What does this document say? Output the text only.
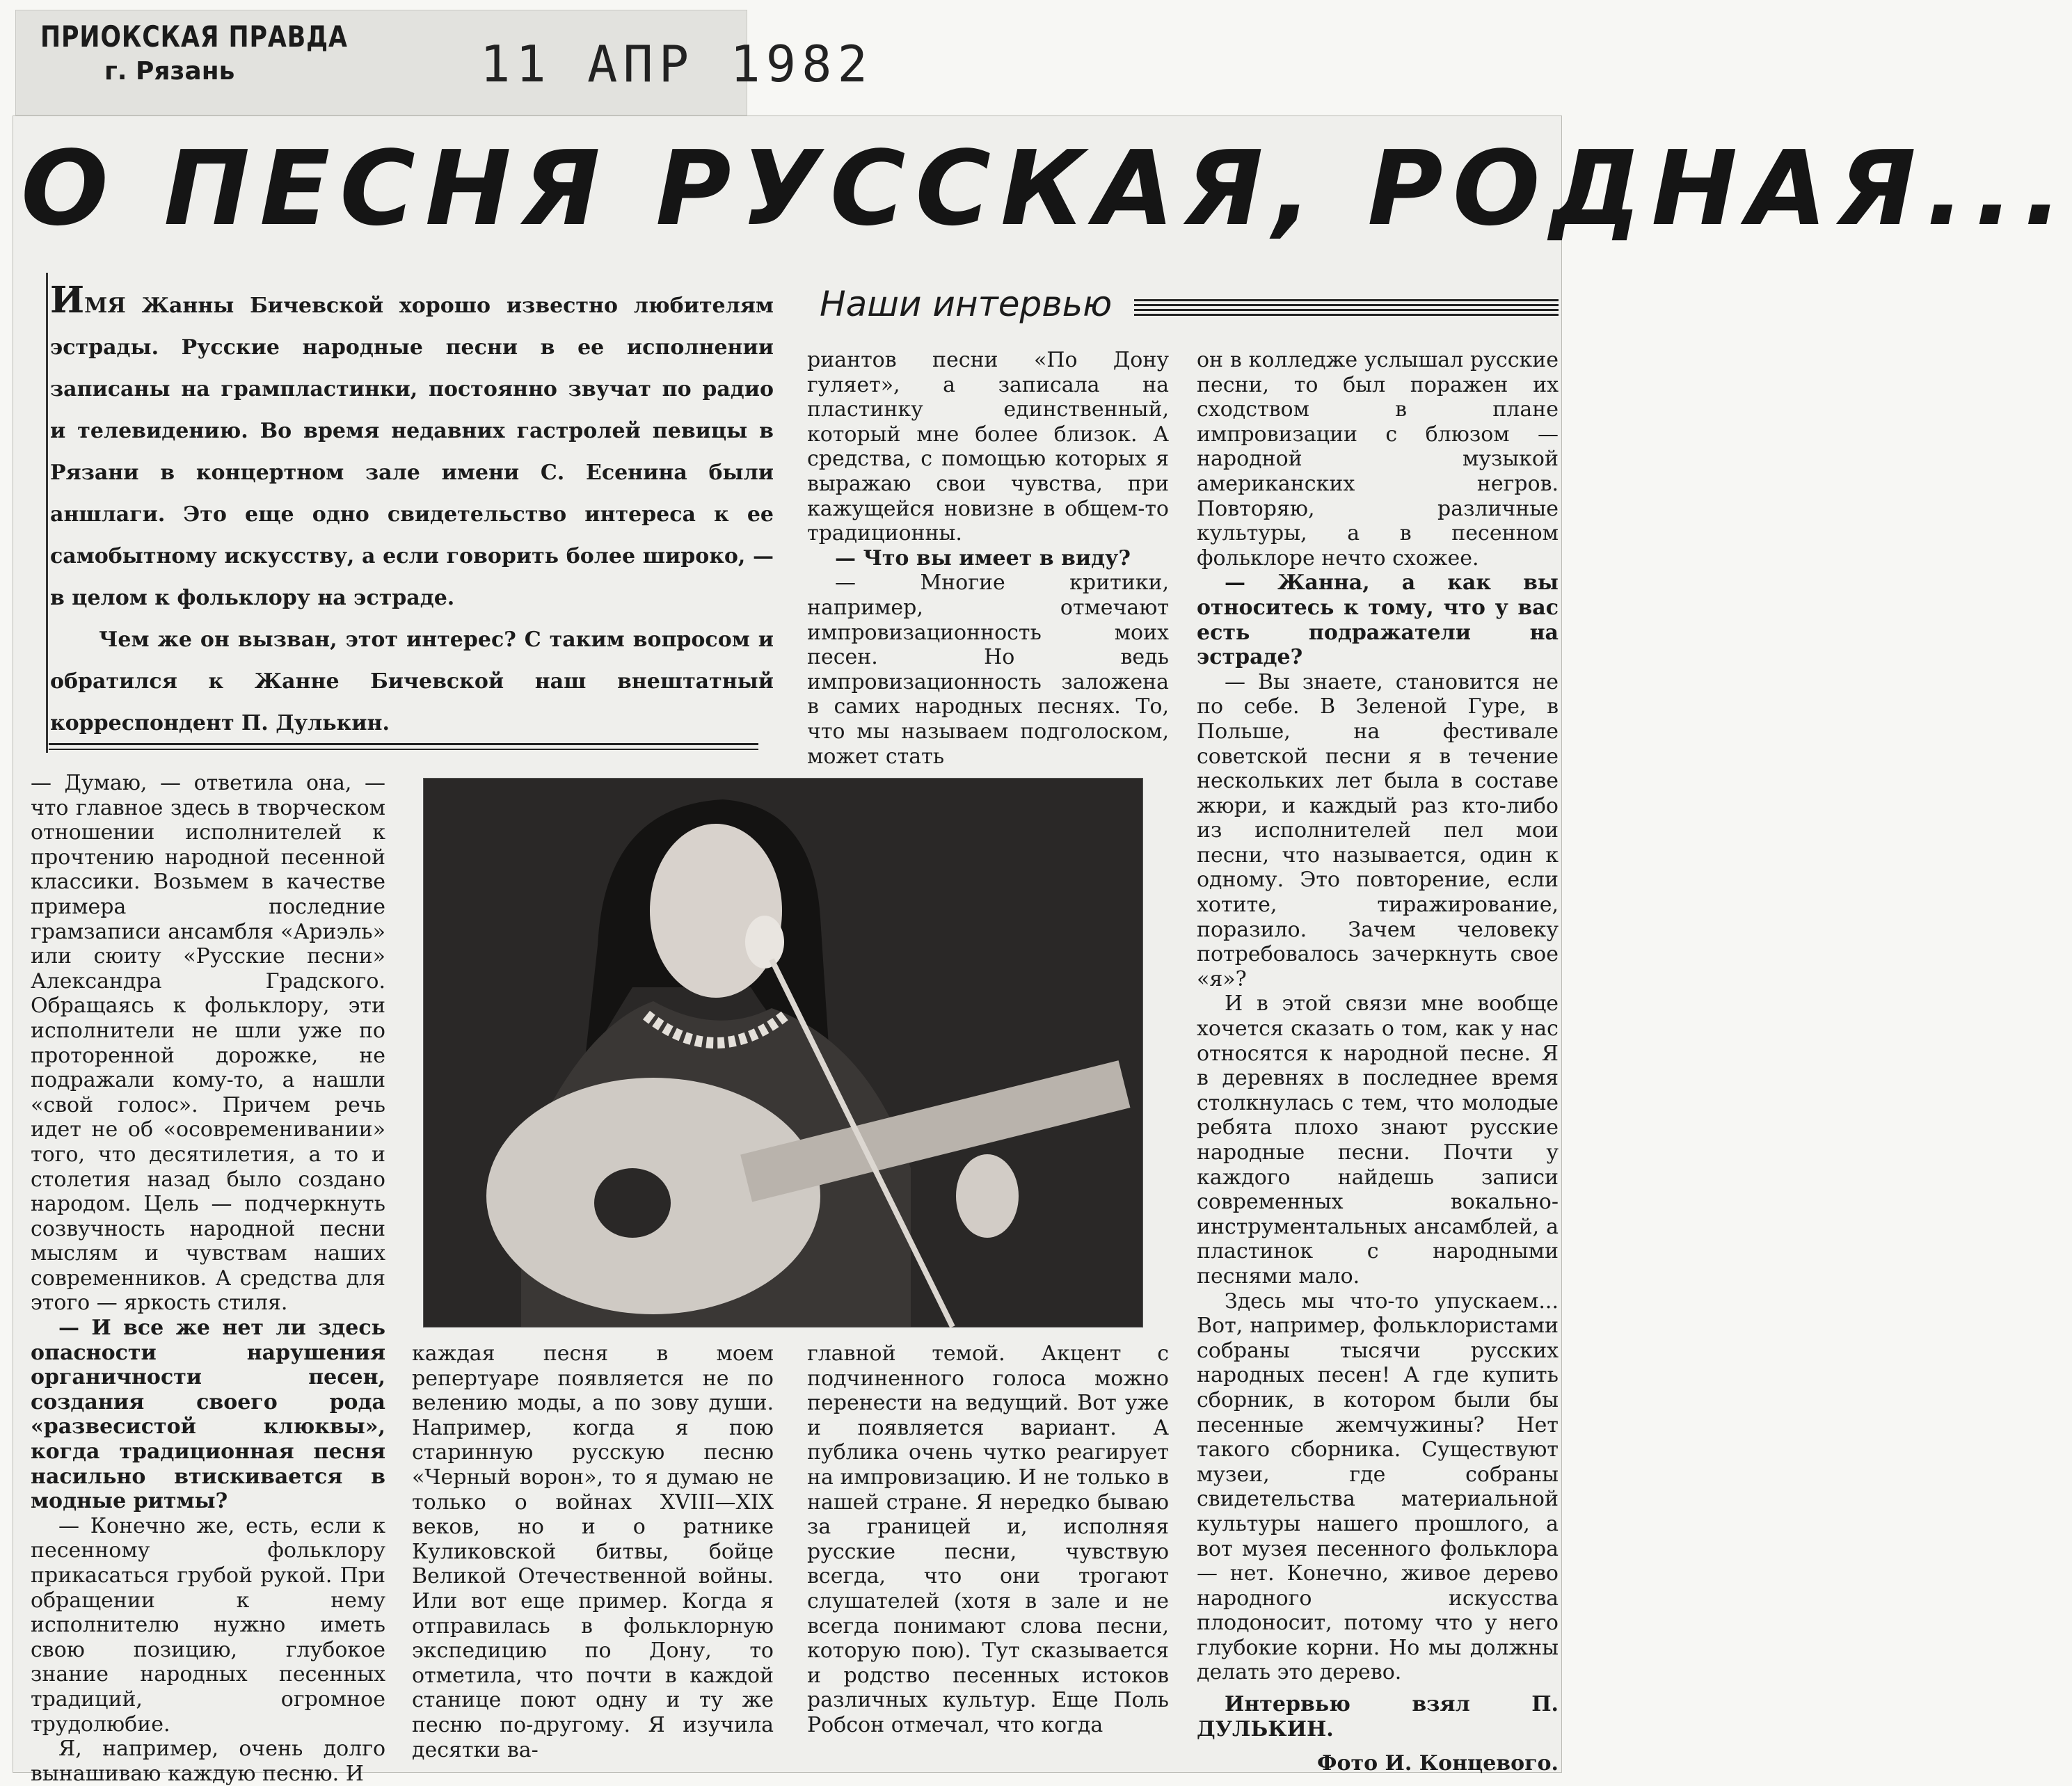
ПРИОКСКАЯ ПРАВДА
г. Рязань	11 АПР 1982
О ПЕСНЯ РУССКАЯ, РОДНАЯ...

ИМЯ Жанны Бичевской хорошо известно любителям эстрады. Русские народные песни в ее исполнении записаны на грампластинки, постоянно звучат по радио и телевидению. Во время недавних гастролей певицы в Рязани в концертном зале имени С. Есенина были аншлаги. Это еще одно свидетельство интереса к ее самобытному искусству, а если говорить более широко, — в целом к фольклору на эстраде.

Чем же он вызван, этот интерес? С таким вопросом и обратился к Жанне Бичевской наш внештатный корреспондент П. Дулькин.

Наши интервью

риантов песни «По Дону гуляет», а записала на пластинку единственный, который мне более близок. А средства, с помощью которых я выражаю свои чувства, при кажущейся новизне в общем-то традиционны.

— Что вы имеет в виду?

— Многие критики, например, отмечают импровизационность моих песен. Но ведь импровизационность заложена в самих народных песнях. То, что мы называем подголоском, может стать

он в колледже услышал русские песни, то был поражен их сходством в плане импровизации с блюзом — народной музыкой американских негров. Повторяю, различные культуры, а в песенном фольклоре нечто схожее.

— Жанна, а как вы относитесь к тому, что у вас есть подражатели на эстраде?

— Вы знаете, становится не по себе. В Зеленой Гуре, в Польше, на фестивале советской песни я в течение нескольких лет была в составе жюри, и каждый раз кто-либо из исполнителей пел мои песни, что называется, один к одному. Это повторение, если хотите, тиражирование, поразило. Зачем человеку потребовалось зачеркнуть свое «я»?

И в этой связи мне вообще хочется сказать о том, как у нас относятся к народной песне. Я в деревнях в последнее время столкнулась с тем, что молодые ребята плохо знают русские народные песни. Почти у каждого найдешь записи современных вокально-инструментальных ансамблей, а пластинок с народными песнями мало.

Здесь мы что-то упускаем... Вот, например, фольклористами собраны тысячи русских народных песен! А где купить сборник, в котором были бы песенные жемчужины? Нет такого сборника. Существуют музеи, где собраны свидетельства материальной культуры нашего прошлого, а вот музея песенного фольклора — нет. Конечно, живое дерево народного искусства плодоносит, потому что у него глубокие корни. Но мы должны делать это дерево.

Интервью взял П. ДУЛЬКИН.

Фото И. Концевого.

— Думаю, — ответила она, — что главное здесь в творческом отношении исполнителей к прочтению народной песенной классики. Возьмем в качестве примера последние грамзаписи ансамбля «Ариэль» или сюиту «Русские песни» Александра Градского. Обращаясь к фольклору, эти исполнители не шли уже по проторенной дорожке, не подражали кому-то, а нашли «свой голос». Причем речь идет не об «осовременивании» того, что десятилетия, а то и столетия назад было создано народом. Цель — подчеркнуть созвучность народной песни мыслям и чувствам наших современников. А средства для этого — яркость стиля.

— И все же нет ли здесь опасности нарушения органичности песен, создания своего рода «развесистой клюквы», когда традиционная песня насильно втискивается в модные ритмы?

— Конечно же, есть, если к песенному фольклору прикасаться грубой рукой. При обращении к нему исполнителю нужно иметь свою позицию, глубокое знание народных песенных традиций, огромное трудолюбие.

Я, например, очень долго вынашиваю каждую песню. И

каждая песня в моем репертуаре появляется не по велению моды, а по зову души. Например, когда я пою старинную русскую песню «Черный ворон», то я думаю не только о войнах XVIII—XIX веков, но и о ратнике Куликовской битвы, бойце Великой Отечественной войны. Или вот еще пример. Когда я отправилась в фольклорную экспедицию по Дону, то отметила, что почти в каждой станице поют одну и ту же песню по-другому. Я изучила десятки ва-

главной темой. Акцент с подчиненного голоса можно перенести на ведущий. Вот уже и появляется вариант. А публика очень чутко реагирует на импровизацию. И не только в нашей стране. Я нередко бываю за границей и, исполняя русские песни, чувствую всегда, что они трогают слушателей (хотя в зале и не всегда понимают слова песни, которую пою). Тут сказывается и родство песенных истоков различных культур. Еще Поль Робсон отмечал, что когда
